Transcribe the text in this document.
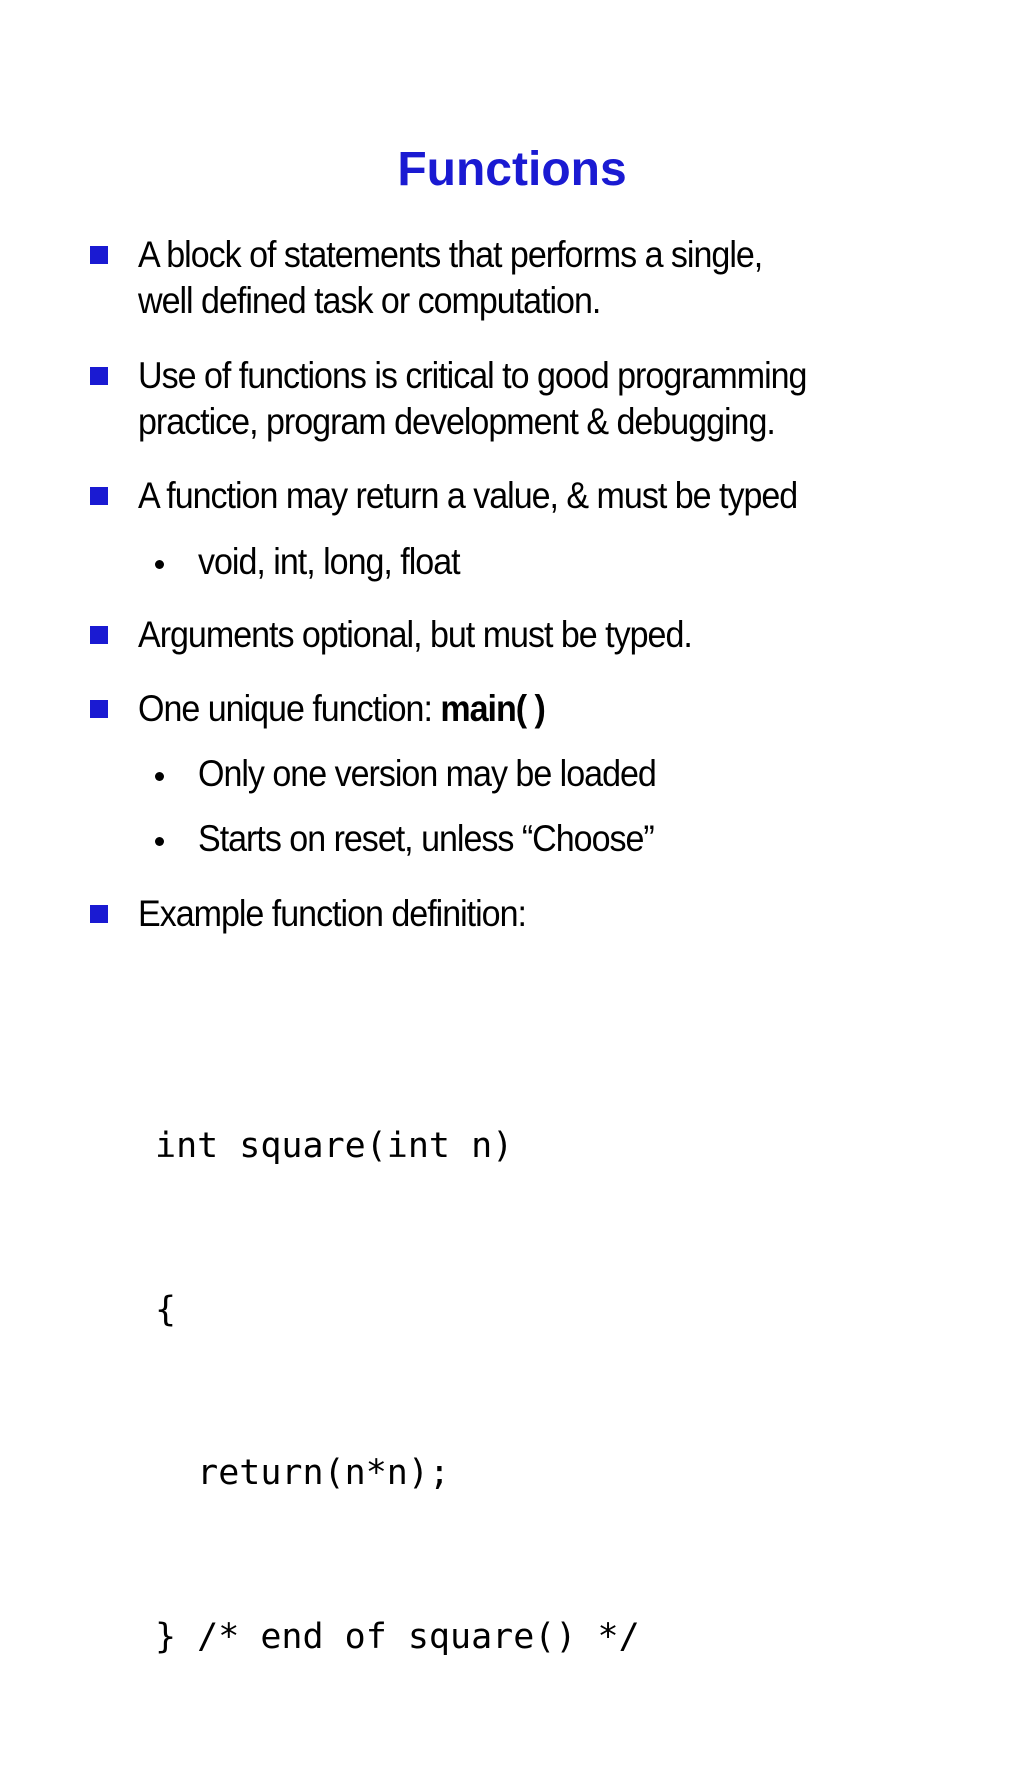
Functions
A block of statements that performs a single,
well defined task or computation.
Use of functions is critical to good programming
practice, program development & debugging.
A function may return a value, & must be typed
void, int, long, float
Arguments optional, but must be typed.
One unique function: main( )
Only one version may be loaded
Starts on reset, unless “Choose”
Example function definition:

int square(int n)

{

return(n*n);

} /* end of square() */
